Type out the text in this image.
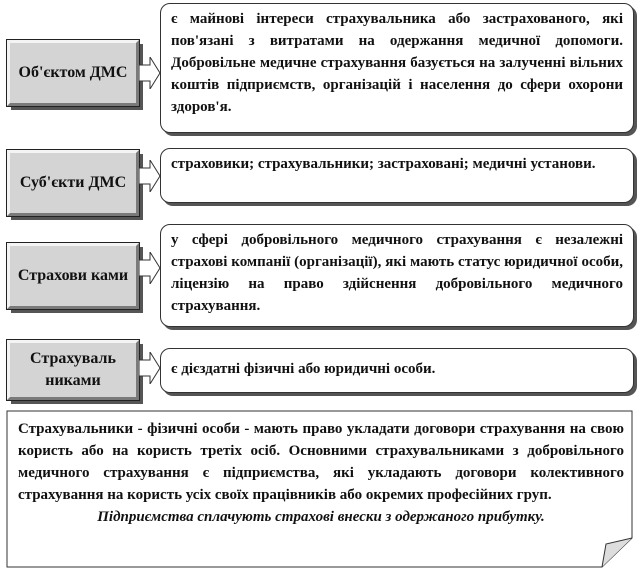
Об'єктом ДМС
є майнові інтереси страхувальника або застрахованого, які пов'язані з витратами на одержання медичної допомоги. Добровільне медичне страхування базується на залученні вільних коштів підприємств, організацій і населення до сфери охорони здоров'я.
Суб'єкти ДМС
страховики; страхувальники; застраховані; медичні установи.
Страхови ками
у сфері добровільного медичного страхування є незалежні страхові компанії (організації), які мають статус юридичної особи, ліцензію на право здійснення добровільного медичного страхування.
Страхуваль никами
є дієздатні фізичні або юридичні особи.
Страхувальники - фізичні особи - мають право укладати договори страхування на свою користь або на користь третіх осіб. Основними страхувальниками з добровільного медичного страхування є підприємства, які укладають договори колективного страхування на користь усіх своїх працівників або окремих професійних груп.
Підприємства сплачують страхові внески з одержаного прибутку.
